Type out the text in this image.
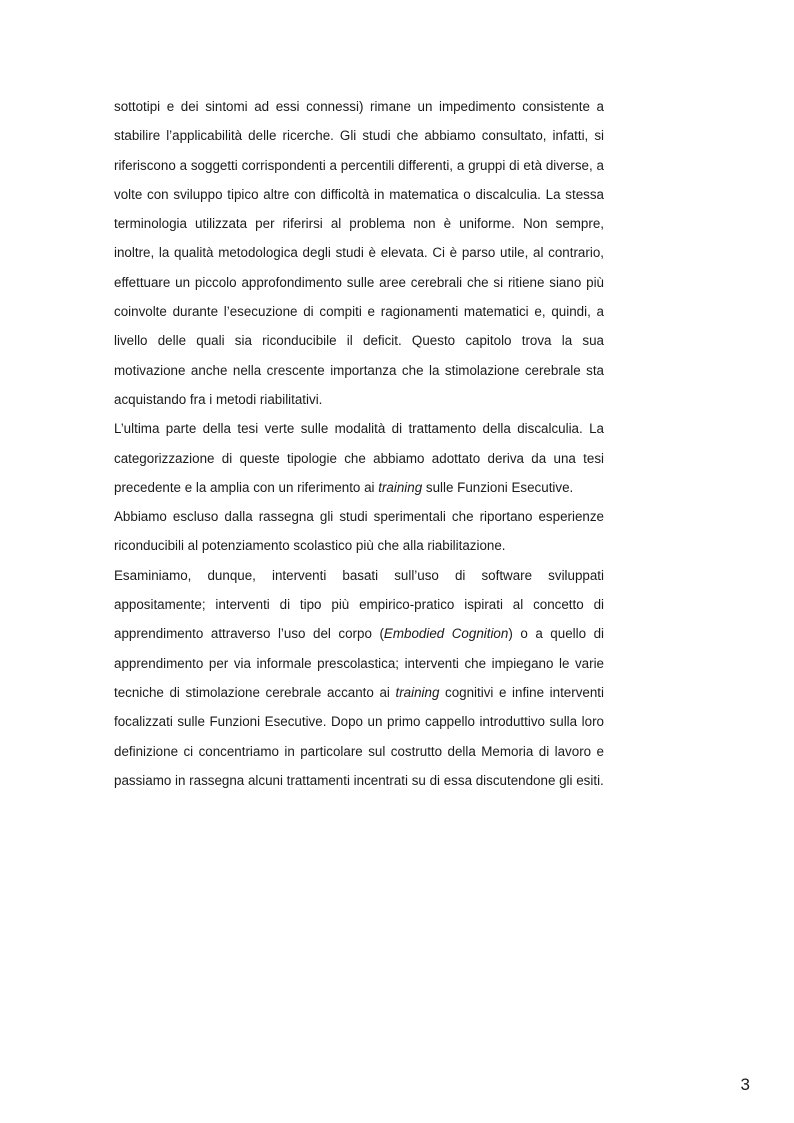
sottotipi e dei sintomi ad essi connessi) rimane un impedimento consistente a stabilire l’applicabilità delle ricerche. Gli studi che abbiamo consultato, infatti, si riferiscono a soggetti corrispondenti a percentili differenti, a gruppi di età diverse, a volte con sviluppo tipico altre con difficoltà in matematica o discalculia. La stessa terminologia utilizzata per riferirsi al problema non è uniforme. Non sempre, inoltre, la qualità metodologica degli studi è elevata. Ci è parso utile, al contrario, effettuare un piccolo approfondimento sulle aree cerebrali che si ritiene siano più coinvolte durante l’esecuzione di compiti e ragionamenti matematici e, quindi, a livello delle quali sia riconducibile il deficit. Questo capitolo trova la sua motivazione anche nella crescente importanza che la stimolazione cerebrale sta acquistando fra i metodi riabilitativi.

L’ultima parte della tesi verte sulle modalità di trattamento della discalculia. La categorizzazione di queste tipologie che abbiamo adottato deriva da una tesi precedente e la amplia con un riferimento ai training sulle Funzioni Esecutive.

Abbiamo escluso dalla rassegna gli studi sperimentali che riportano esperienze riconducibili al potenziamento scolastico più che alla riabilitazione.

Esaminiamo, dunque, interventi basati sull’uso di software sviluppati appositamente; interventi di tipo più empirico-pratico ispirati al concetto di apprendimento attraverso l’uso del corpo (Embodied Cognition) o a quello di apprendimento per via informale prescolastica; interventi che impiegano le varie tecniche di stimolazione cerebrale accanto ai training cognitivi e infine interventi focalizzati sulle Funzioni Esecutive. Dopo un primo cappello introduttivo sulla loro definizione ci concentriamo in particolare sul costrutto della Memoria di lavoro e passiamo in rassegna alcuni trattamenti incentrati su di essa discutendone gli esiti.

3
